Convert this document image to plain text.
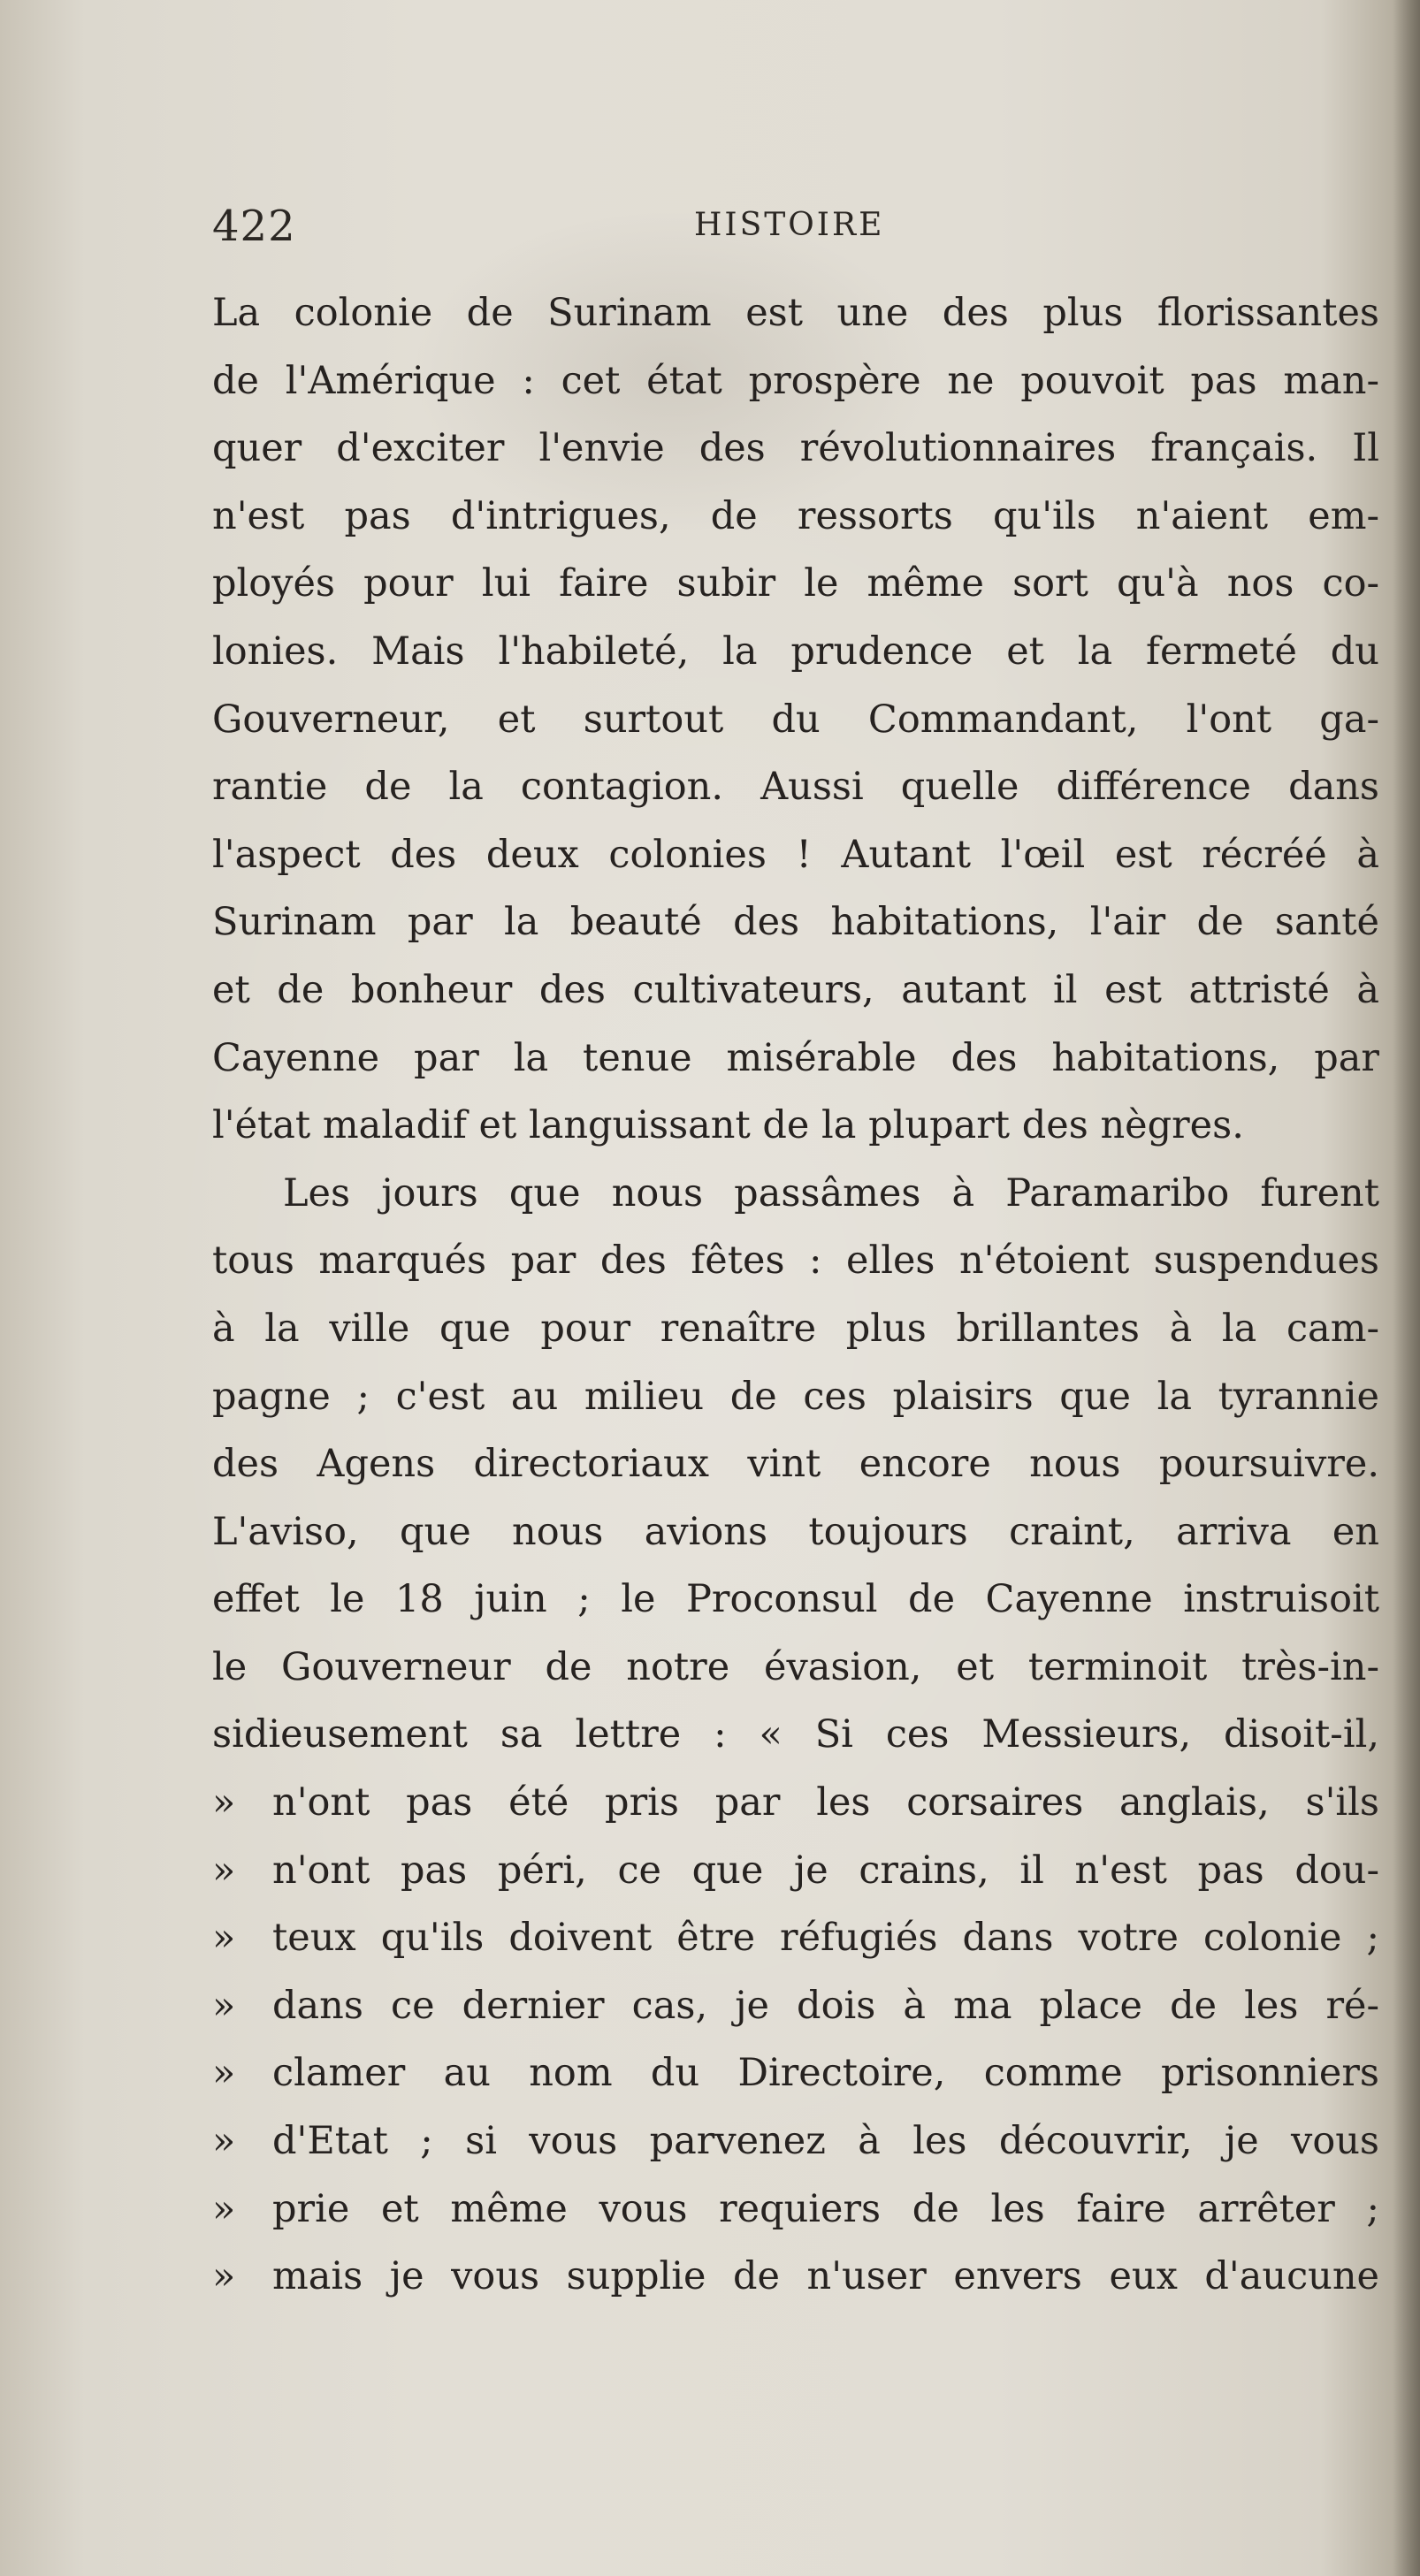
422	HISTOIRE
La colonie de Surinam est une des plus florissantes
de l'Amérique : cet état prospère ne pouvoit pas man-
quer d'exciter l'envie des révolutionnaires français. Il
n'est pas d'intrigues, de ressorts qu'ils n'aient em-
ployés pour lui faire subir le même sort qu'à nos co-
lonies. Mais l'habileté, la prudence et la fermeté du
Gouverneur, et surtout du Commandant, l'ont ga-
rantie de la contagion. Aussi quelle différence dans
l'aspect des deux colonies ! Autant l'œil est récréé à
Surinam par la beauté des habitations, l'air de santé
et de bonheur des cultivateurs, autant il est attristé à
Cayenne par la tenue misérable des habitations, par
l'état maladif et languissant de la plupart des nègres.
Les jours que nous passâmes à Paramaribo furent
tous marqués par des fêtes : elles n'étoient suspendues
à la ville que pour renaître plus brillantes à la cam-
pagne ; c'est au milieu de ces plaisirs que la tyrannie
des Agens directoriaux vint encore nous poursuivre.
L'aviso, que nous avions toujours craint, arriva en
effet le 18 juin ; le Proconsul de Cayenne instruisoit
le Gouverneur de notre évasion, et terminoit très-in-
sidieusement sa lettre : « Si ces Messieurs, disoit-il,
» n'ont pas été pris par les corsaires anglais, s'ils
» n'ont pas péri, ce que je crains, il n'est pas dou-
» teux qu'ils doivent être réfugiés dans votre colonie ;
» dans ce dernier cas, je dois à ma place de les ré-
» clamer au nom du Directoire, comme prisonniers
» d'Etat ; si vous parvenez à les découvrir, je vous
» prie et même vous requiers de les faire arrêter ;
» mais je vous supplie de n'user envers eux d'aucune
